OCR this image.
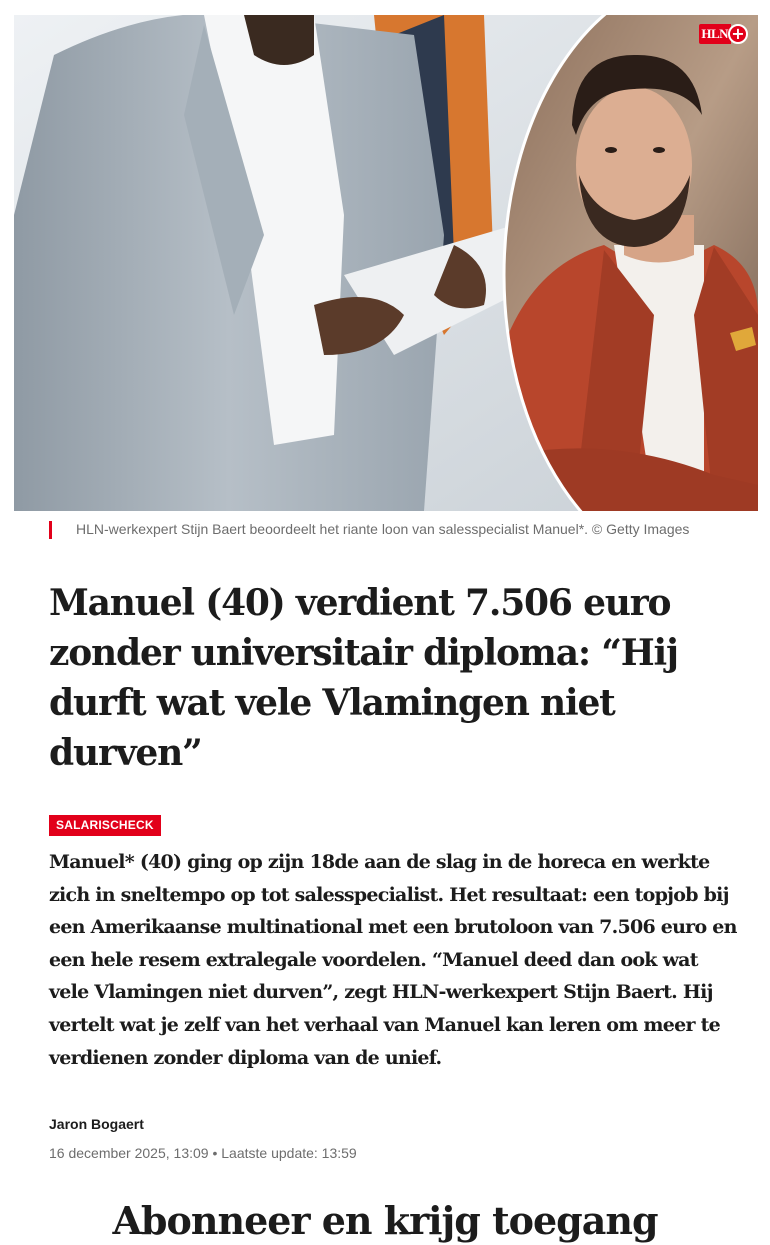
HLN +
HLN-werkexpert Stijn Baert beoordeelt het riante loon van salesspecialist Manuel*. © Getty Images
Manuel (40) verdient 7.506 euro zonder universitair diploma: “Hij durft wat vele Vlamingen niet durven”
SALARISCHECK

Manuel* (40) ging op zijn 18de aan de slag in de horeca en werkte zich in sneltempo op tot salesspecialist. Het resultaat: een topjob bij een Amerikaanse multinational met een brutoloon van 7.506 euro en een hele resem extralegale voordelen. “Manuel deed dan ook wat vele Vlamingen niet durven”, zegt HLN-werkexpert Stijn Baert. Hij vertelt wat je zelf van het verhaal van Manuel kan leren om meer te verdienen zonder diploma van de unief.

Jaron Bogaert
16 december 2025, 13:09 • Laatste update: 13:59
Abonneer en krijg toegang
